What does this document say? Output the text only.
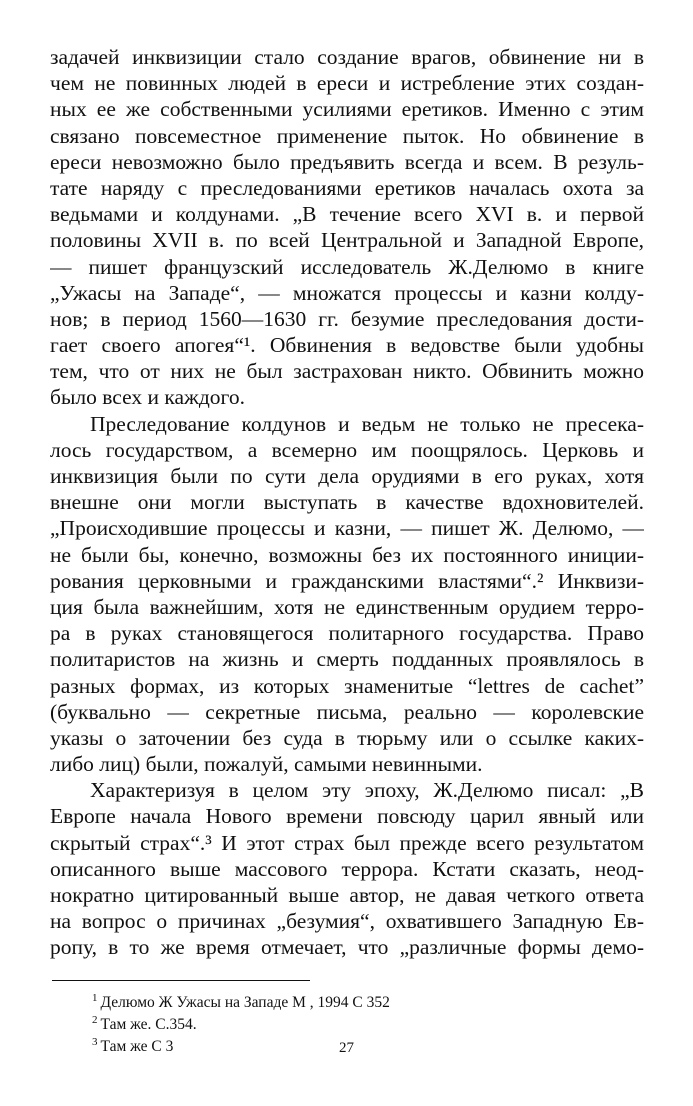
задачей инквизиции стало создание врагов, обвинение ни в
чем не повинных людей в ереси и истребление этих создан-
ных ее же собственными усилиями еретиков. Именно с этим
связано повсеместное применение пыток. Но обвинение в
ереси невозможно было предъявить всегда и всем. В резуль-
тате наряду с преследованиями еретиков началась охота за
ведьмами и колдунами. „В течение всего XVI в. и первой
половины XVII в. по всей Центральной и Западной Европе,
— пишет французский исследователь Ж.Делюмо в книге
„Ужасы на Западе“, — множатся процессы и казни колду-
нов; в период 1560—1630 гг. безумие преследования дости-
гает своего апогея“¹. Обвинения в ведовстве были удобны
тем, что от них не был застрахован никто. Обвинить можно
было всех и каждого.
Преследование колдунов и ведьм не только не пресека-
лось государством, а всемерно им поощрялось. Церковь и
инквизиция были по сути дела орудиями в его руках, хотя
внешне они могли выступать в качестве вдохновителей.
„Происходившие процессы и казни, — пишет Ж. Делюмо, —
не были бы, конечно, возможны без их постоянного иниции-
рования церковными и гражданскими властями“.² Инквизи-
ция была важнейшим, хотя не единственным орудием терро-
ра в руках становящегося политарного государства. Право
политаристов на жизнь и смерть подданных проявлялось в
разных формах, из которых знаменитые “lettres de cachet”
(буквально — секретные письма, реально — королевские
указы о заточении без суда в тюрьму или о ссылке каких-
либо лиц) были, пожалуй, самыми невинными.
Характеризуя в целом эту эпоху, Ж.Делюмо писал: „В
Европе начала Нового времени повсюду царил явный или
скрытый страх“.³ И этот страх был прежде всего результатом
описанного выше массового террора. Кстати сказать, неод-
нократно цитированный выше автор, не давая четкого ответа
на вопрос о причинах „безумия“, охватившего Западную Ев-
ропу, в то же время отмечает, что „различные формы демо-
$^1$ Делюмо Ж Ужасы на Западе М , 1994 С 352
$^2$ Там же. С.354.
$^3$ Там же С 3	27
